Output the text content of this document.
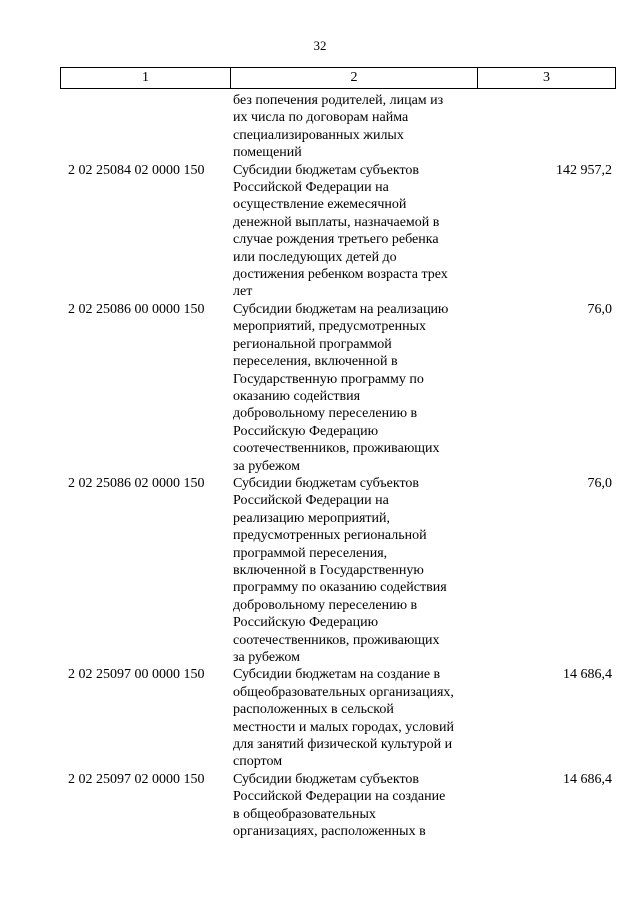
32
1	2	3
без попечения родителей, лицам из
их числа по договорам найма
специализированных жилых
помещений
2 02 25084 02 0000 150	Субсидии бюджетам субъектов
Российской Федерации на
осуществление ежемесячной
денежной выплаты, назначаемой в
случае рождения третьего ребенка
или последующих детей до
достижения ребенком возраста трех
лет
142 957,2
2 02 25086 00 0000 150	Субсидии бюджетам на реализацию
мероприятий, предусмотренных
региональной программой
переселения, включенной в
Государственную программу по
оказанию содействия
добровольному переселению в
Российскую Федерацию
соотечественников, проживающих
за рубежом
76,0
2 02 25086 02 0000 150	Субсидии бюджетам субъектов
Российской Федерации на
реализацию мероприятий,
предусмотренных региональной
программой переселения,
включенной в Государственную
программу по оказанию содействия
добровольному переселению в
Российскую Федерацию
соотечественников, проживающих
за рубежом
76,0
2 02 25097 00 0000 150	Субсидии бюджетам на создание в
общеобразовательных организациях,
расположенных в сельской
местности и малых городах, условий
для занятий физической культурой и
спортом
14 686,4
2 02 25097 02 0000 150	Субсидии бюджетам субъектов
Российской Федерации на создание
в общеобразовательных
организациях, расположенных в
14 686,4
